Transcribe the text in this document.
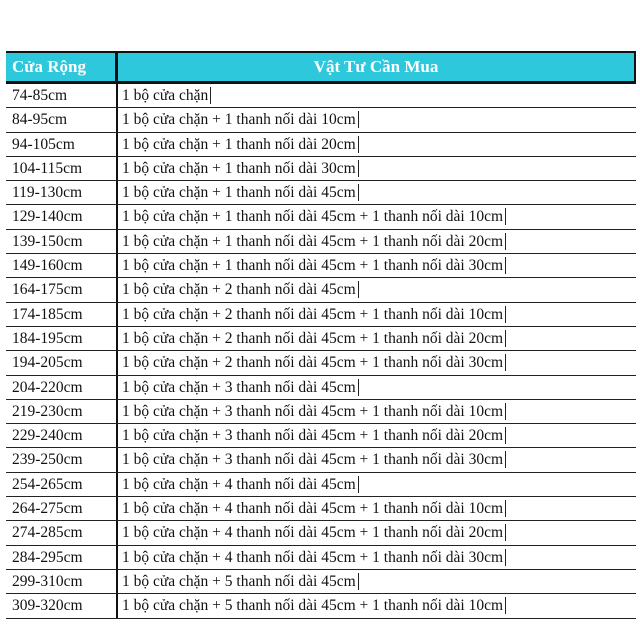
Cửa Rộng	Vật Tư Cần Mua
74-85cm	1 bộ cửa chặn
84-95cm	1 bộ cửa chặn + 1 thanh nối dài 10cm
94-105cm	1 bộ cửa chặn + 1 thanh nối dài 20cm
104-115cm	1 bộ cửa chặn + 1 thanh nối dài 30cm
119-130cm	1 bộ cửa chặn + 1 thanh nối dài 45cm
129-140cm	1 bộ cửa chặn + 1 thanh nối dài 45cm + 1 thanh nối dài 10cm
139-150cm	1 bộ cửa chặn + 1 thanh nối dài 45cm + 1 thanh nối dài 20cm
149-160cm	1 bộ cửa chặn + 1 thanh nối dài 45cm + 1 thanh nối dài 30cm
164-175cm	1 bộ cửa chặn + 2 thanh nối dài 45cm
174-185cm	1 bộ cửa chặn + 2 thanh nối dài 45cm + 1 thanh nối dài 10cm
184-195cm	1 bộ cửa chặn + 2 thanh nối dài 45cm + 1 thanh nối dài 20cm
194-205cm	1 bộ cửa chặn + 2 thanh nối dài 45cm + 1 thanh nối dài 30cm
204-220cm	1 bộ cửa chặn + 3 thanh nối dài 45cm
219-230cm	1 bộ cửa chặn + 3 thanh nối dài 45cm + 1 thanh nối dài 10cm
229-240cm	1 bộ cửa chặn + 3 thanh nối dài 45cm + 1 thanh nối dài 20cm
239-250cm	1 bộ cửa chặn + 3 thanh nối dài 45cm + 1 thanh nối dài 30cm
254-265cm	1 bộ cửa chặn + 4 thanh nối dài 45cm
264-275cm	1 bộ cửa chặn + 4 thanh nối dài 45cm + 1 thanh nối dài 10cm
274-285cm	1 bộ cửa chặn + 4 thanh nối dài 45cm + 1 thanh nối dài 20cm
284-295cm	1 bộ cửa chặn + 4 thanh nối dài 45cm + 1 thanh nối dài 30cm
299-310cm	1 bộ cửa chặn + 5 thanh nối dài 45cm
309-320cm	1 bộ cửa chặn + 5 thanh nối dài 45cm + 1 thanh nối dài 10cm
